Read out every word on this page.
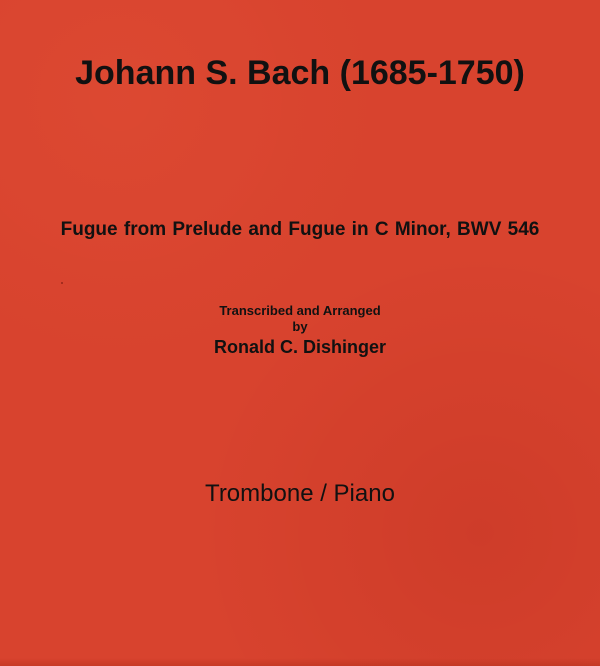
Johann S. Bach (1685-1750)
Fugue from Prelude and Fugue in C Minor, BWV 546
Transcribed and Arranged
by
Ronald C. Dishinger
Trombone / Piano
